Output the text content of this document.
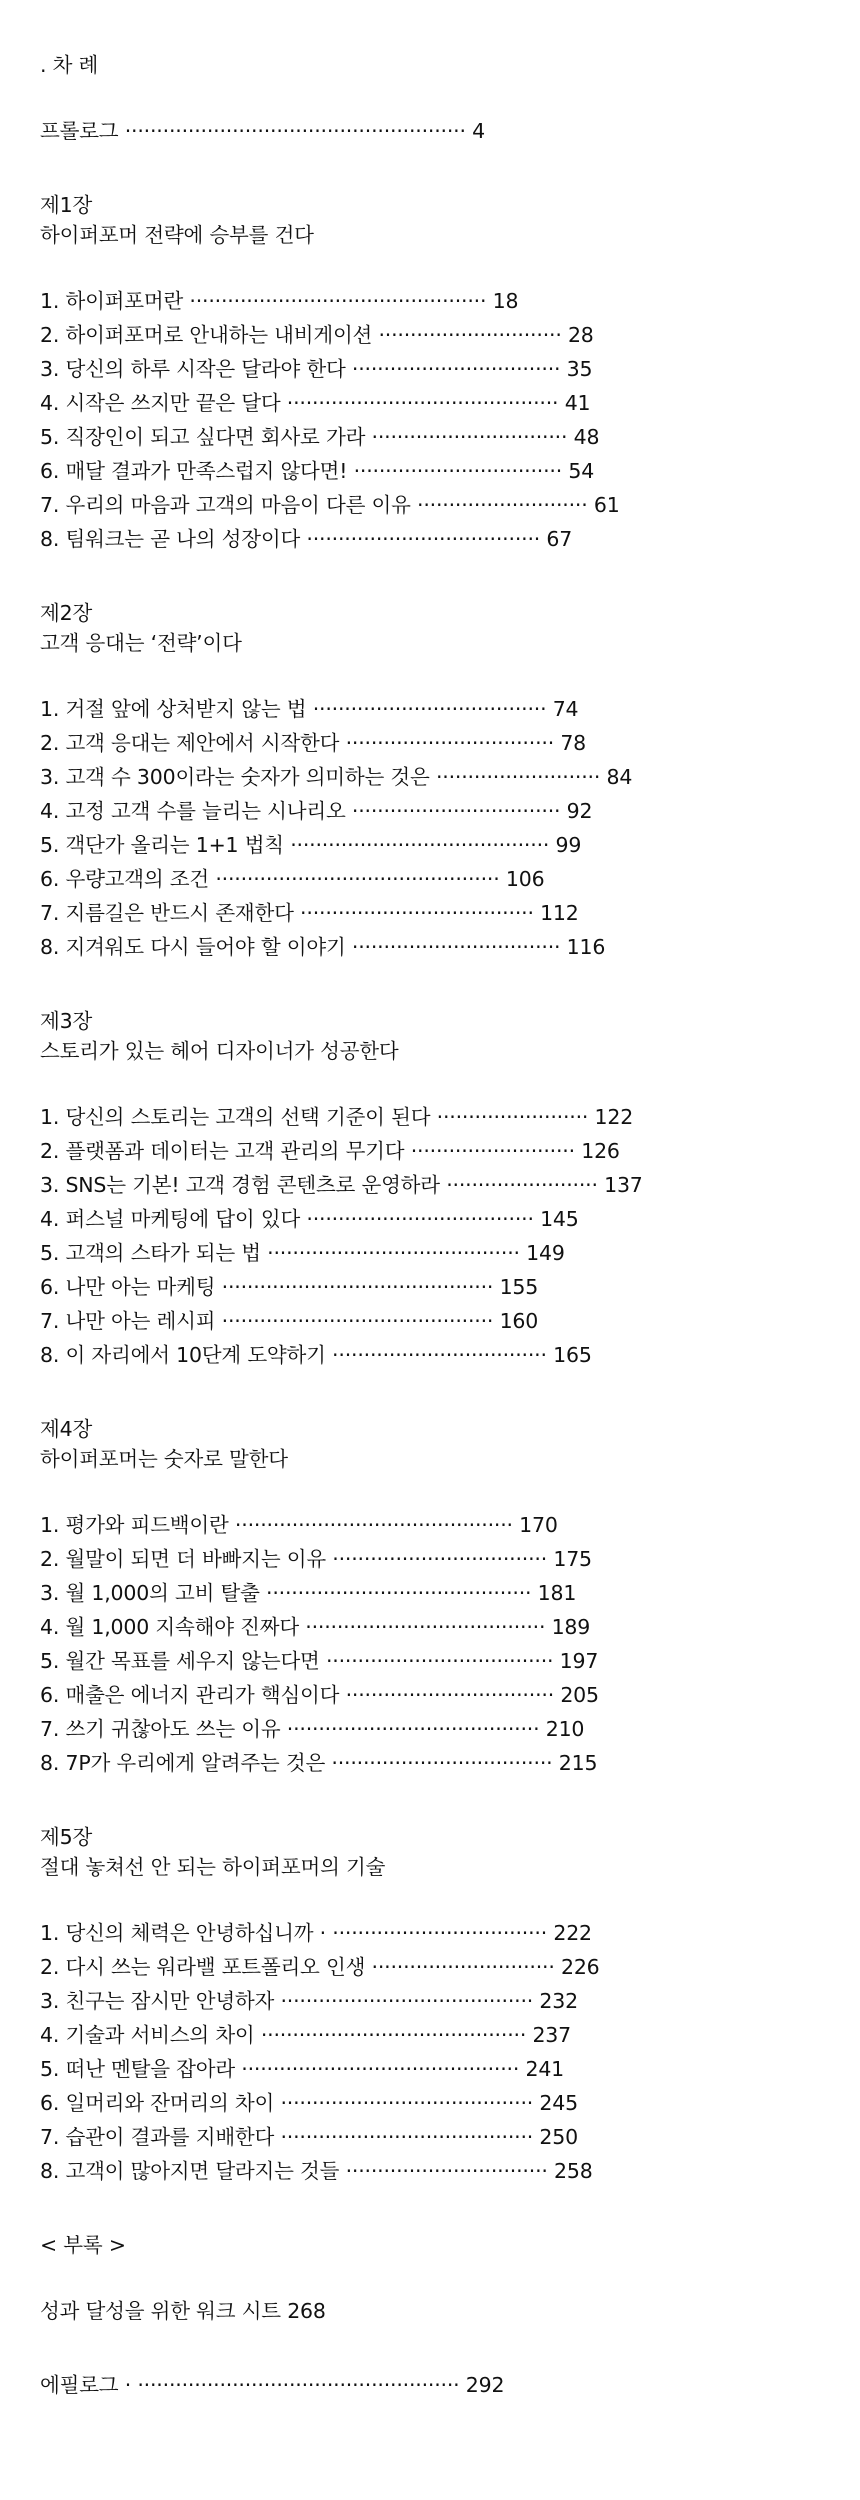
. 차 례
프롤로그 ······················································ 4
제1장
하이퍼포머 전략에 승부를 건다
1. 하이퍼포머란 ··············································· 18
2. 하이퍼포머로 안내하는 내비게이션 ····························· 28
3. 당신의 하루 시작은 달라야 한다 ································· 35
4. 시작은 쓰지만 끝은 달다 ··········································· 41
5. 직장인이 되고 싶다면 회사로 가라 ······························· 48
6. 매달 결과가 만족스럽지 않다면! ································· 54
7. 우리의 마음과 고객의 마음이 다른 이유 ··························· 61
8. 팀워크는 곧 나의 성장이다 ····································· 67
제2장
고객 응대는 ‘전략’이다
1. 거절 앞에 상처받지 않는 법 ····································· 74
2. 고객 응대는 제안에서 시작한다 ································· 78
3. 고객 수 300이라는 숫자가 의미하는 것은 ·························· 84
4. 고정 고객 수를 늘리는 시나리오 ································· 92
5. 객단가 올리는 1+1 법칙 ········································· 99
6. 우량고객의 조건 ············································· 106
7. 지름길은 반드시 존재한다 ····································· 112
8. 지겨워도 다시 들어야 할 이야기 ································· 116
제3장
스토리가 있는 헤어 디자이너가 성공한다
1. 당신의 스토리는 고객의 선택 기준이 된다 ························ 122
2. 플랫폼과 데이터는 고객 관리의 무기다 ·························· 126
3. SNS는 기본! 고객 경험 콘텐츠로 운영하라 ························ 137
4. 퍼스널 마케팅에 답이 있다 ···································· 145
5. 고객의 스타가 되는 법 ········································ 149
6. 나만 아는 마케팅 ··········································· 155
7. 나만 아는 레시피 ··········································· 160
8. 이 자리에서 10단계 도약하기 ·································· 165
제4장
하이퍼포머는 숫자로 말한다
1. 평가와 피드백이란 ············································ 170
2. 월말이 되면 더 바빠지는 이유 ·································· 175
3. 월 1,000의 고비 탈출 ·········································· 181
4. 월 1,000 지속해야 진짜다 ······································ 189
5. 월간 목표를 세우지 않는다면 ···································· 197
6. 매출은 에너지 관리가 핵심이다 ································· 205
7. 쓰기 귀찮아도 쓰는 이유 ········································ 210
8. 7P가 우리에게 알려주는 것은 ··································· 215
제5장
절대 놓쳐선 안 되는 하이퍼포머의 기술
1. 당신의 체력은 안녕하십니까 · ·································· 222
2. 다시 쓰는 워라밸 포트폴리오 인생 ····························· 226
3. 친구는 잠시만 안녕하자 ········································ 232
4. 기술과 서비스의 차이 ·········································· 237
5. 떠난 멘탈을 잡아라 ············································ 241
6. 일머리와 잔머리의 차이 ········································ 245
7. 습관이 결과를 지배한다 ········································ 250
8. 고객이 많아지면 달라지는 것들 ································ 258
< 부록 >
성과 달성을 위한 워크 시트 268
에필로그 · ··················································· 292
